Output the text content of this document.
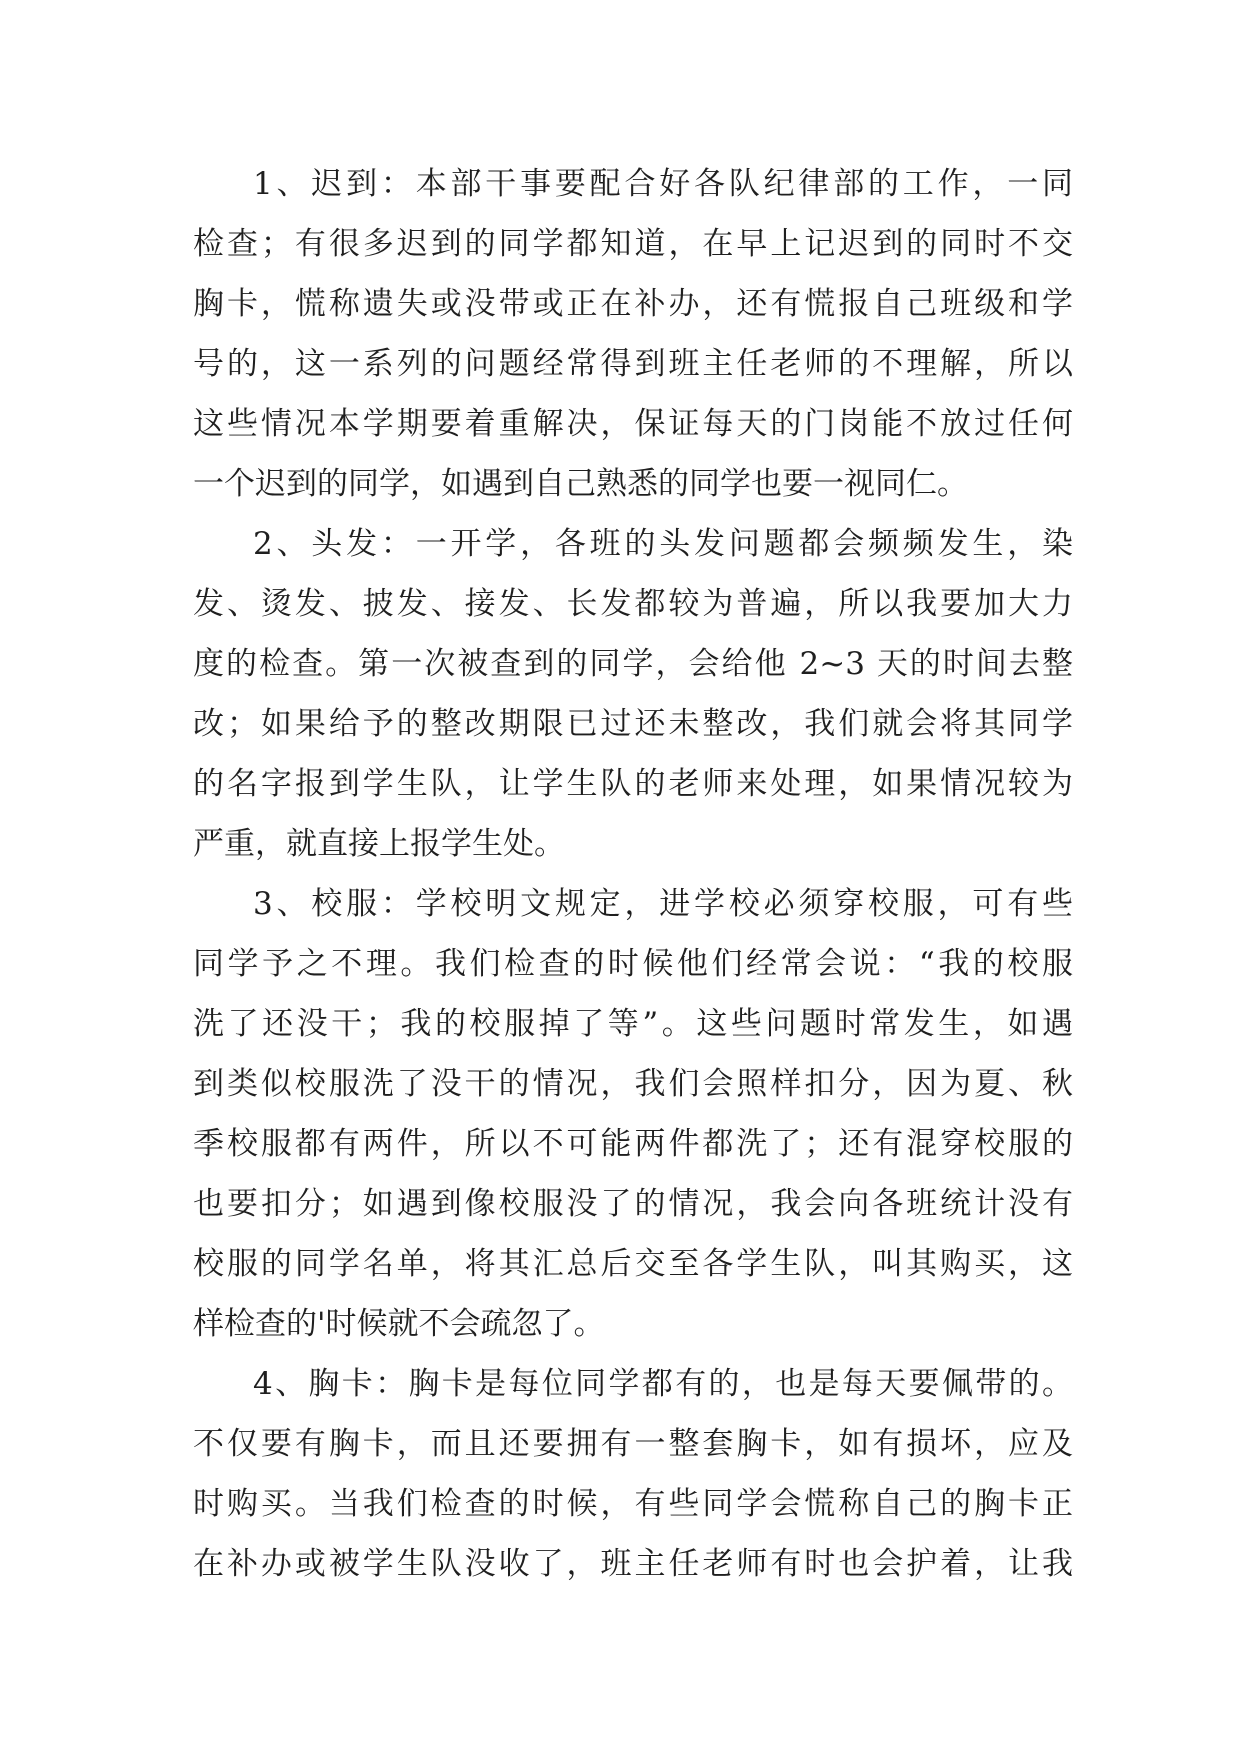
1、迟到：本部干事要配合好各队纪律部的工作，一同
检查；有很多迟到的同学都知道，在早上记迟到的同时不交
胸卡，慌称遗失或没带或正在补办，还有慌报自己班级和学
号的，这一系列的问题经常得到班主任老师的不理解，所以
这些情况本学期要着重解决，保证每天的门岗能不放过任何
一个迟到的同学，如遇到自己熟悉的同学也要一视同仁。
2、头发：一开学，各班的头发问题都会频频发生，染
发、烫发、披发、接发、长发都较为普遍，所以我要加大力
度的检查。第一次被查到的同学，会给他 2~3 天的时间去整
改；如果给予的整改期限已过还未整改，我们就会将其同学
的名字报到学生队，让学生队的老师来处理，如果情况较为
严重，就直接上报学生处。
3、校服：学校明文规定，进学校必须穿校服，可有些
同学予之不理。我们检查的时候他们经常会说：“我的校服
洗了还没干；我的校服掉了等”。这些问题时常发生，如遇
到类似校服洗了没干的情况，我们会照样扣分，因为夏、秋
季校服都有两件，所以不可能两件都洗了；还有混穿校服的
也要扣分；如遇到像校服没了的情况，我会向各班统计没有
校服的同学名单，将其汇总后交至各学生队，叫其购买，这
样检查的'时候就不会疏忽了。
4、胸卡：胸卡是每位同学都有的，也是每天要佩带的。
不仅要有胸卡，而且还要拥有一整套胸卡，如有损坏，应及
时购买。当我们检查的时候，有些同学会慌称自己的胸卡正
在补办或被学生队没收了，班主任老师有时也会护着，让我
